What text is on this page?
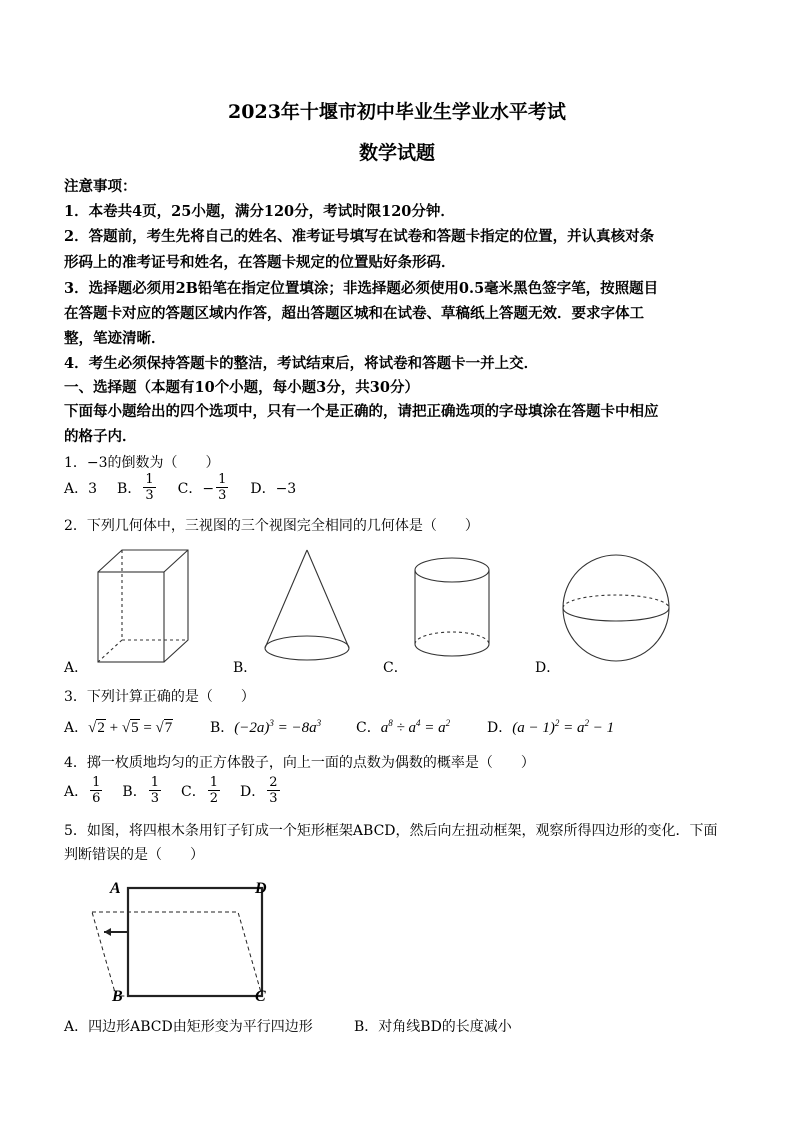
2023年十堰市初中毕业生学业水平考试
数学试题
注意事项：
1．本卷共4页，25小题，满分120分，考试时限120分钟．
2．答题前，考生先将自己的姓名、准考证号填写在试卷和答题卡指定的位置，并认真核对条
形码上的准考证号和姓名，在答题卡规定的位置贴好条形码．
3．选择题必须用2B铅笔在指定位置填涂；非选择题必须使用0.5毫米黑色签字笔，按照题目
在答题卡对应的答题区域内作答，超出答题区城和在试卷、草稿纸上答题无效．要求字体工
整，笔迹清晰．
4．考生必须保持答题卡的整洁，考试结束后，将试卷和答题卡一并上交．
一、选择题（本题有10个小题，每小题3分，共30分）
下面每小题给出的四个选项中，只有一个是正确的，请把正确选项的字母填涂在答题卡中相应
的格子内．
1．−3的倒数为（　　）
A．3 B． $\frac{1}{3}$ C．− $\frac{1}{3}$ D．−3
2．下列几何体中，三视图的三个视图完全相同的几何体是（　　）
A．	B．	C．	D．
3．下列计算正确的是（　　）
A．√2 + √5 = √7	B．$(-2a)^3 = -8a^3$ C．$a^8 \div a^4 = a^2$	D．$(a - 1)^2 = a^2 - 1$
4．掷一枚质地均匀的正方体骰子，向上一面的点数为偶数的概率是（　　）
A． $\frac{1}{6}$ B． $\frac{1}{3}$ C． $\frac{1}{2}$ D． $\frac{2}{3}$
5．如图，将四根木条用钉子钉成一个矩形框架ABCD，然后向左扭动框架，观察所得四边形的变化．下面
判断错误的是（　　）
A	D
B	C
A．四边形ABCD由矩形变为平行四边形	B．对角线BD的长度减小
